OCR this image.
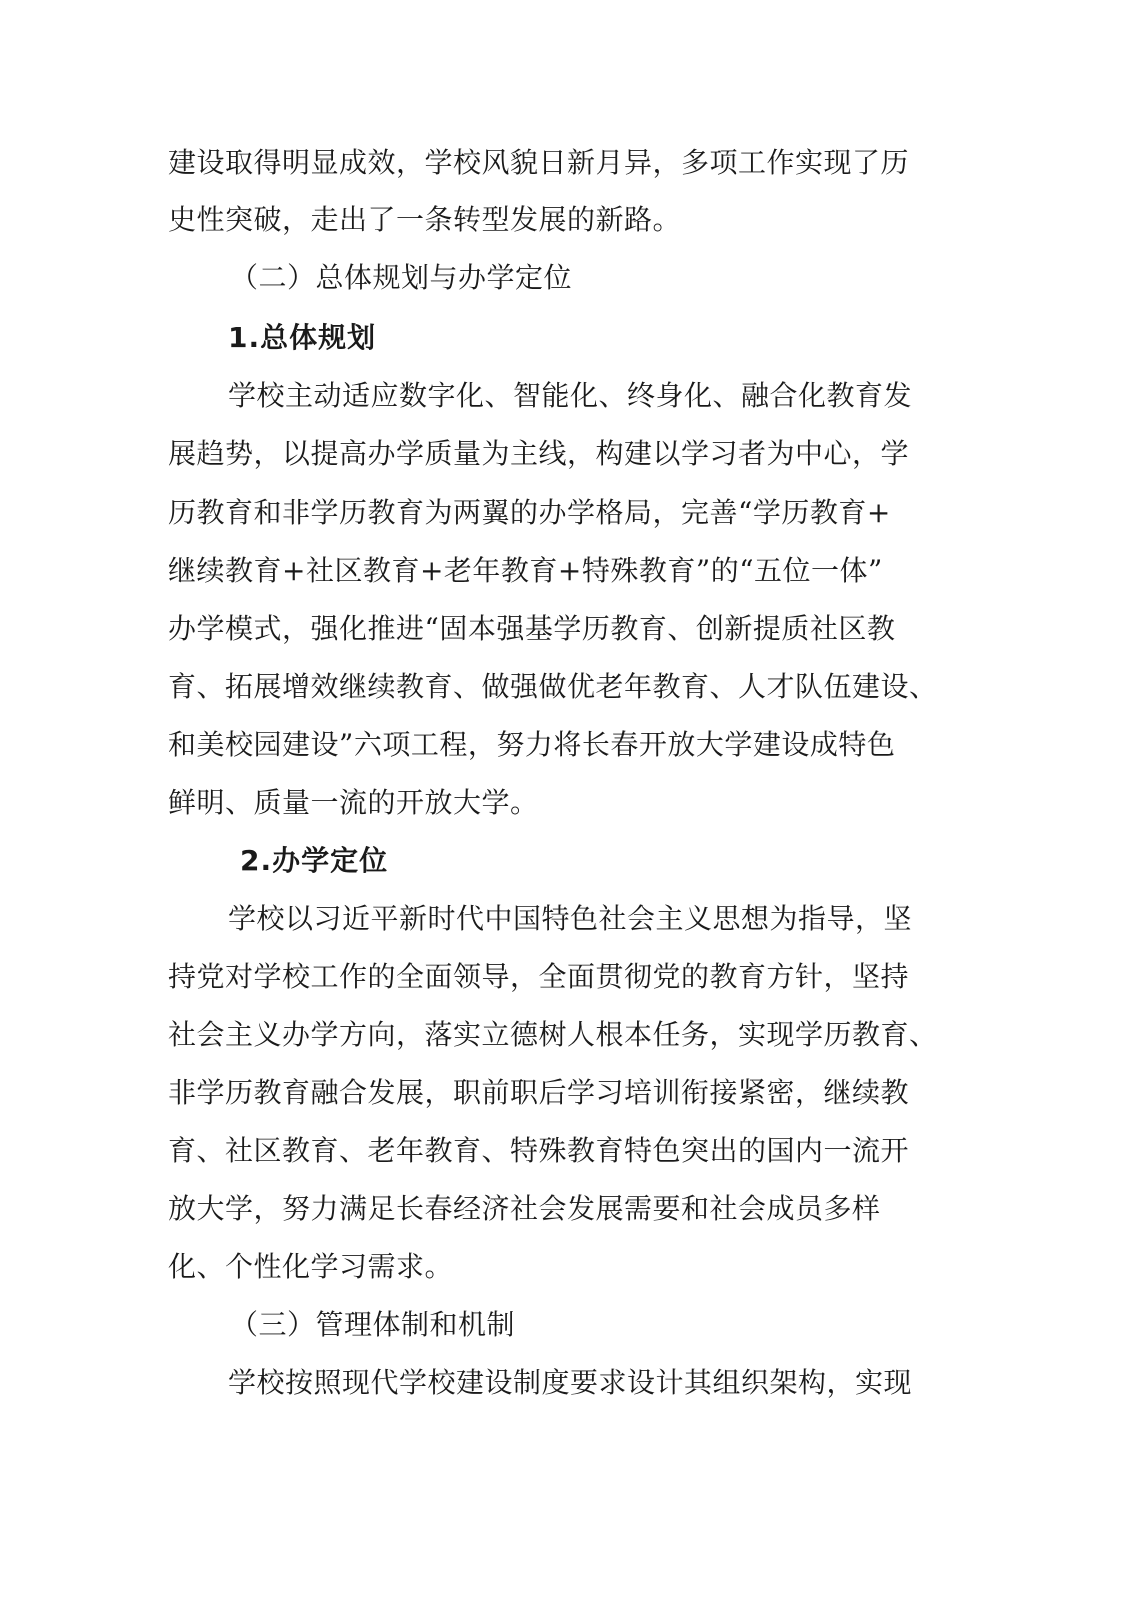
建设取得明显成效，学校风貌日新月异，多项工作实现了历
史性突破，走出了一条转型发展的新路。
（二）总体规划与办学定位
1.总体规划
学校主动适应数字化、智能化、终身化、融合化教育发
展趋势，以提高办学质量为主线，构建以学习者为中心，学
历教育和非学历教育为两翼的办学格局，完善“学历教育+
继续教育+社区教育+老年教育+特殊教育”的“五位一体”
办学模式，强化推进“固本强基学历教育、创新提质社区教
育、拓展增效继续教育、做强做优老年教育、人才队伍建设、
和美校园建设”六项工程，努力将长春开放大学建设成特色
鲜明、质量一流的开放大学。
2.办学定位
学校以习近平新时代中国特色社会主义思想为指导，坚
持党对学校工作的全面领导，全面贯彻党的教育方针，坚持
社会主义办学方向，落实立德树人根本任务，实现学历教育、
非学历教育融合发展，职前职后学习培训衔接紧密，继续教
育、社区教育、老年教育、特殊教育特色突出的国内一流开
放大学，努力满足长春经济社会发展需要和社会成员多样
化、个性化学习需求。
（三）管理体制和机制
学校按照现代学校建设制度要求设计其组织架构，实现
